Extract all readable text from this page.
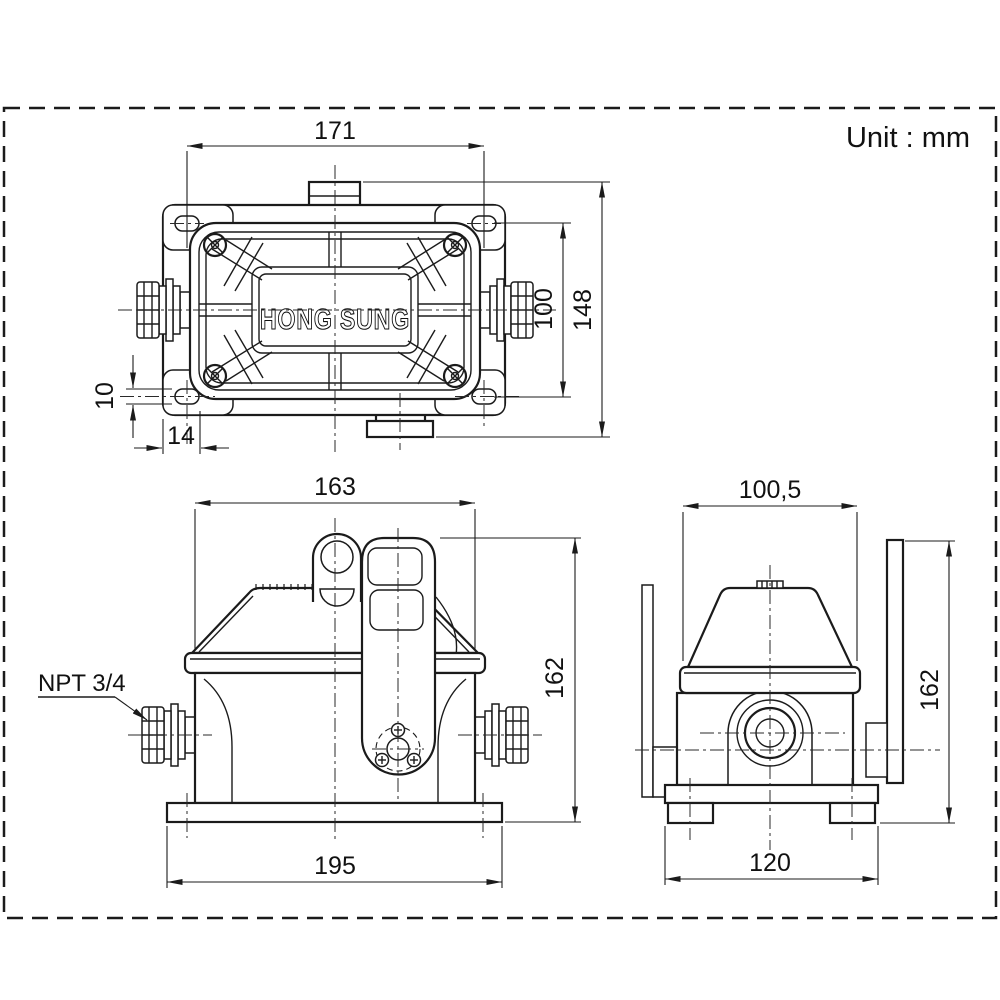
Unit : mm
HONG SUNG
171
100 148
10
14
163
162
195
NPT 3/4
100,5
162
120
